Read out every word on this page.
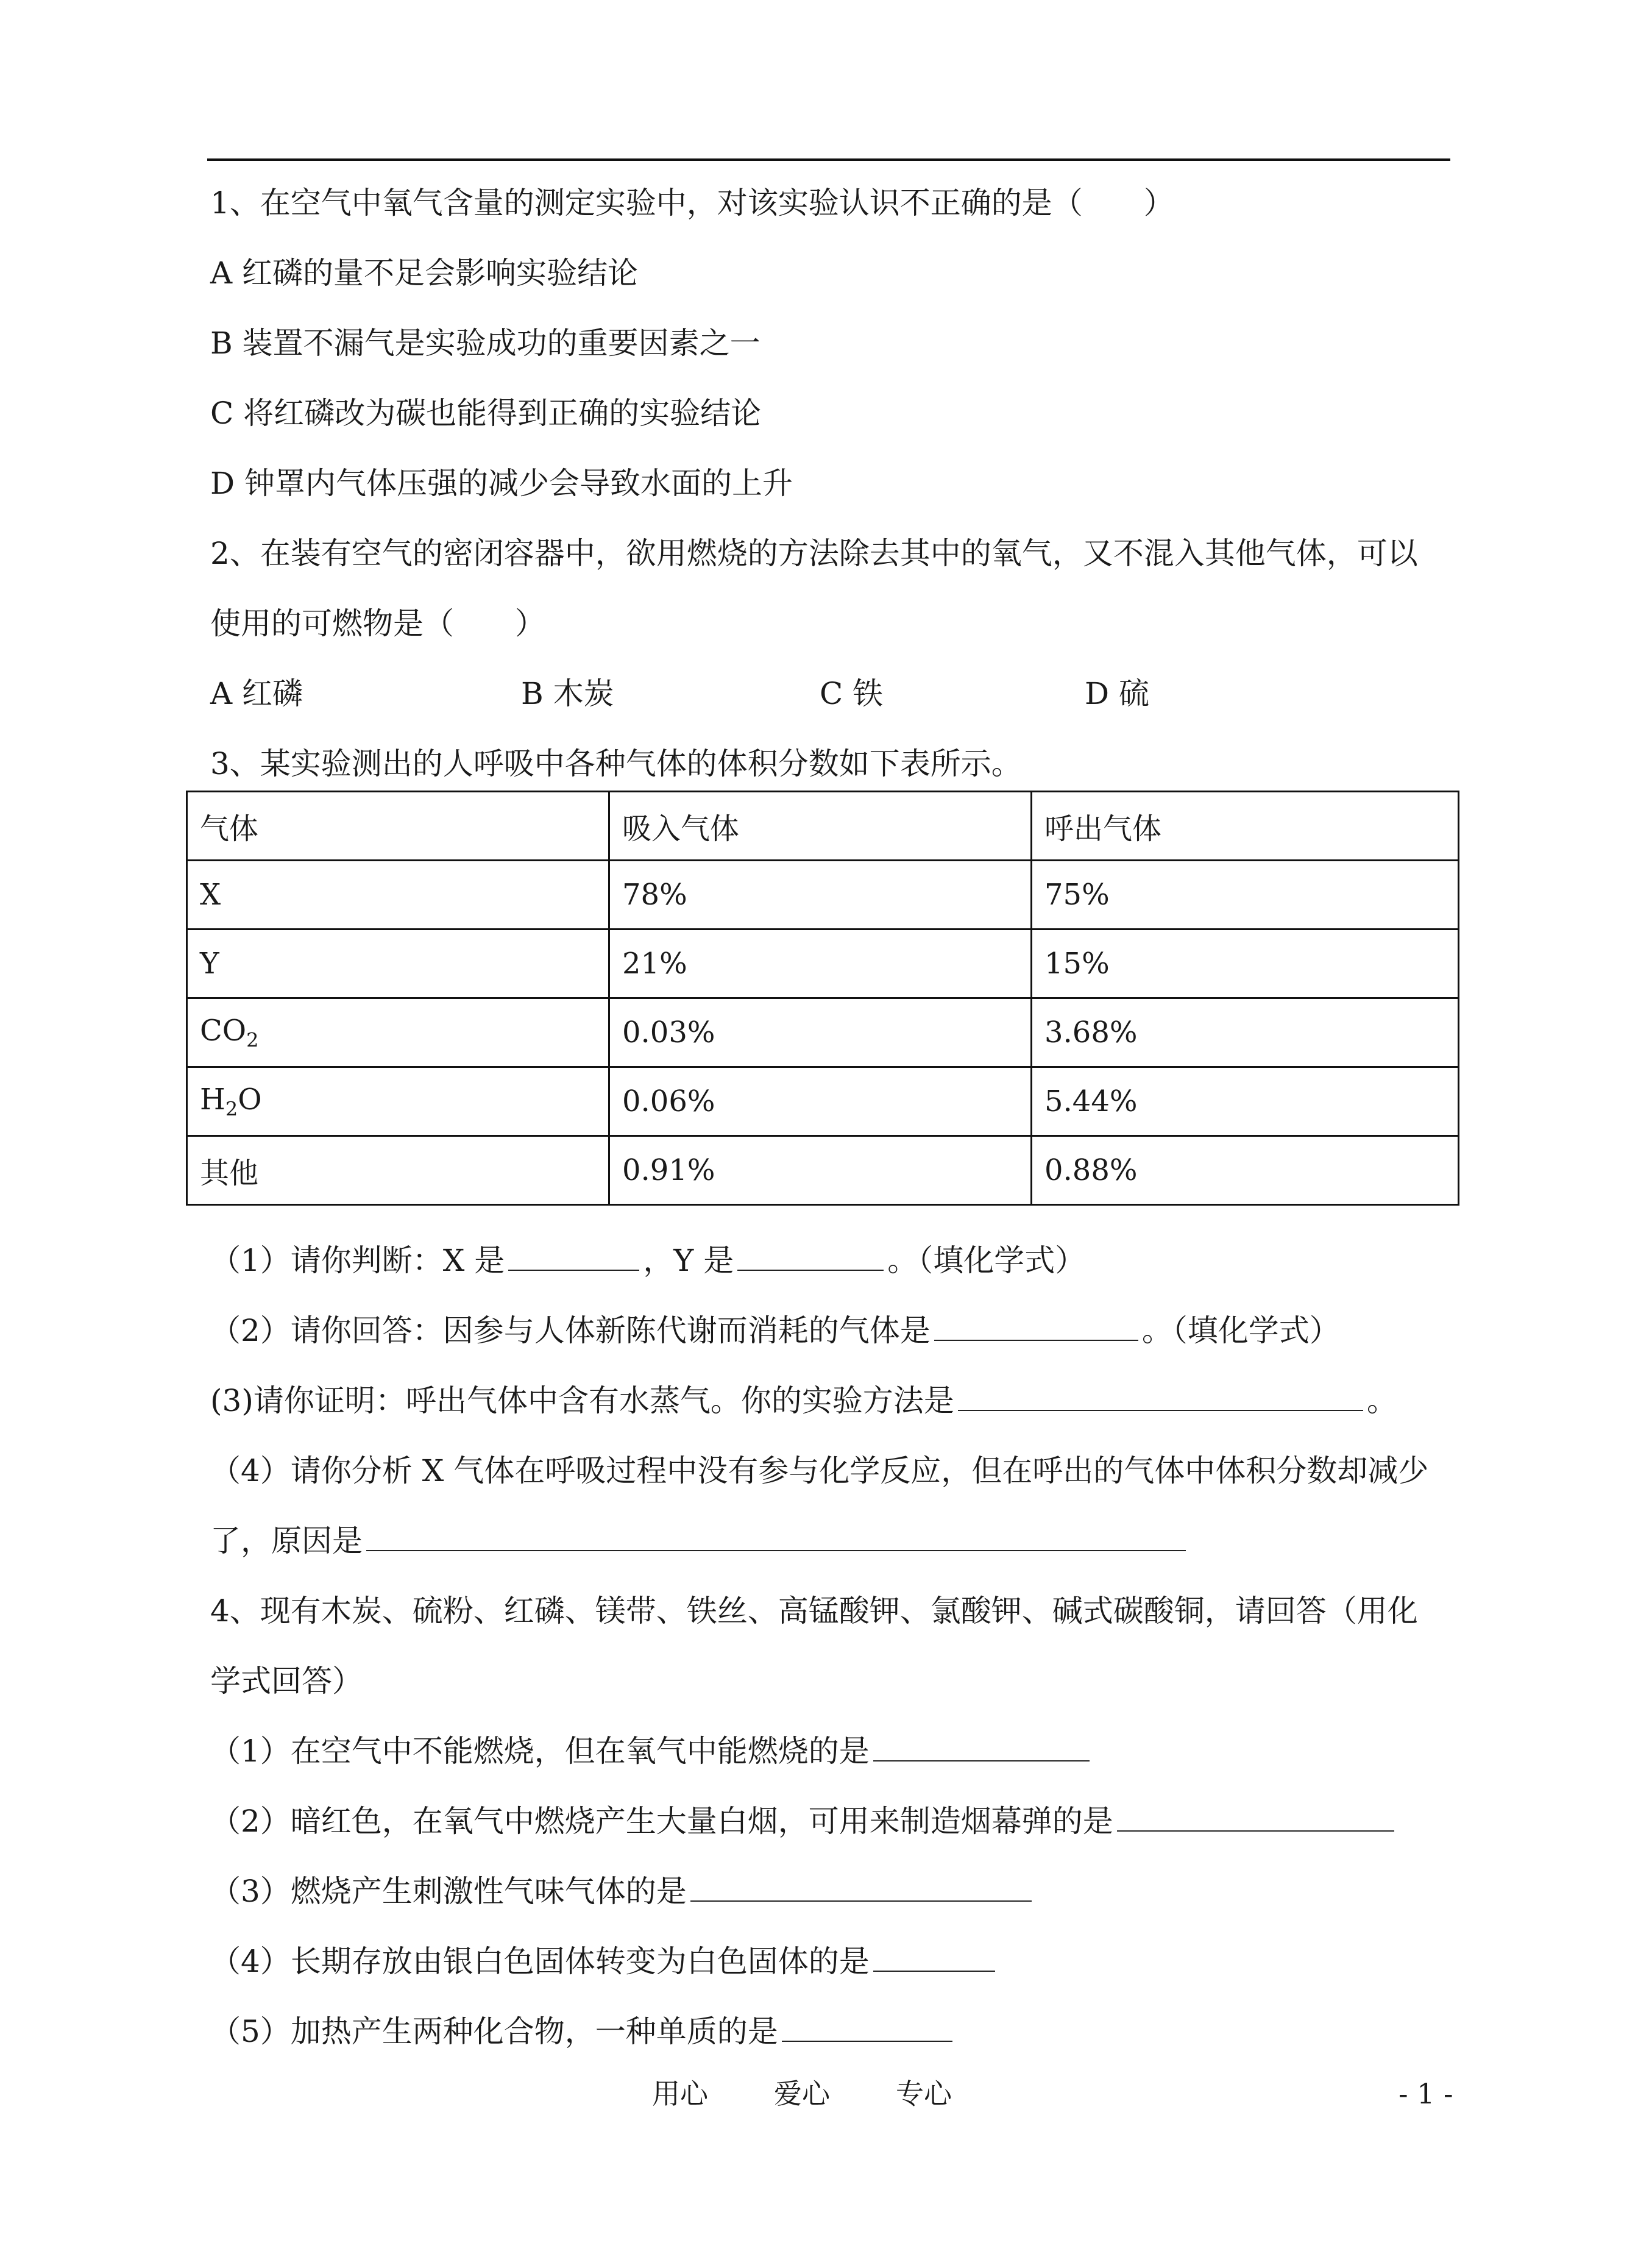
1、在空气中氧气含量的测定实验中，对该实验认识不正确的是（　　）
A 红磷的量不足会影响实验结论
B 装置不漏气是实验成功的重要因素之一
C 将红磷改为碳也能得到正确的实验结论
D 钟罩内气体压强的减少会导致水面的上升
2、在装有空气的密闭容器中，欲用燃烧的方法除去其中的氧气，又不混入其他气体，可以
使用的可燃物是（　　）
A 红磷	B 木炭	C 铁	D 硫
3、某实验测出的人呼吸中各种气体的体积分数如下表所示。
气体	吸入气体	呼出气体
X	78%	75%
Y	21%	15%
$CO_2$	0.03%	3.68%
$H_2O$	0.06%	5.44%
其他	0.91%	0.88%
（1）请你判断：X 是	，Y 是	。（填化学式）
（2）请你回答：因参与人体新陈代谢而消耗的气体是	。（填化学式）
(3)请你证明：呼出气体中含有水蒸气。你的实验方法是	。
（4）请你分析 X 气体在呼吸过程中没有参与化学反应，但在呼出的气体中体积分数却减少
了，原因是
4、现有木炭、硫粉、红磷、镁带、铁丝、高锰酸钾、氯酸钾、碱式碳酸铜，请回答（用化
学式回答）
（1）在空气中不能燃烧，但在氧气中能燃烧的是
（2）暗红色，在氧气中燃烧产生大量白烟，可用来制造烟幕弹的是
（3）燃烧产生刺激性气味气体的是
（4）长期存放由银白色固体转变为白色固体的是
（5）加热产生两种化合物，一种单质的是
用心 爱心 专心	- 1 -
